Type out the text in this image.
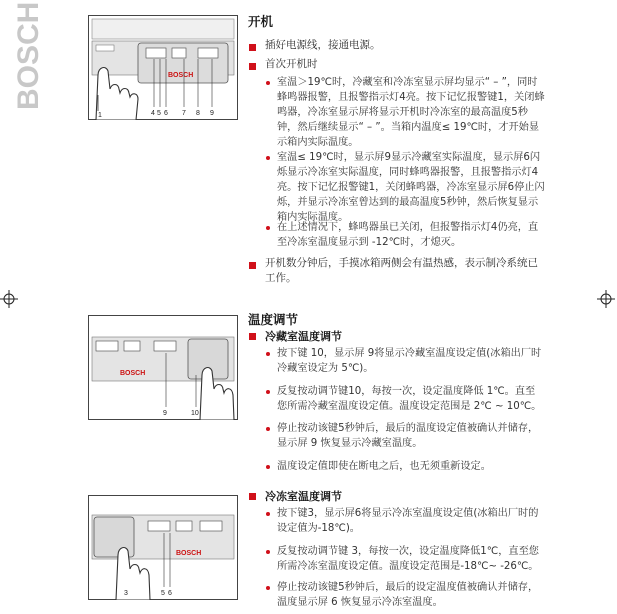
BOSCH	BOSCH
1	4 5 6 7 8 9
BOSCH
9	10
BOSCH
3	5 6
开机
插好电源线，接通电源。
首次开机时
室温＞19℃时，冷藏室和冷冻室显示屏均显示“ – ”，同时蜂鸣器报警，且报警指示灯4亮。按下记忆报警键1，关闭蜂鸣器，冷冻室显示屏将显示开机时冷冻室的最高温度5秒钟，然后继续显示“ – ”。当箱内温度≤ 19℃时，才开始显示箱内实际温度。
室温≤ 19℃时，显示屏9显示冷藏室实际温度，显示屏6闪烁显示冷冻室实际温度，同时蜂鸣器报警，且报警指示灯4亮。按下记忆报警键1，关闭蜂鸣器，冷冻室显示屏6停止闪烁，并显示冷冻室曾达到的最高温度5秒钟，然后恢复显示箱内实际温度。
在上述情况下，蜂鸣器虽已关闭，但报警指示灯4仍亮，直至冷冻室温度显示到 -12℃时，才熄灭。
开机数分钟后，手摸冰箱两侧会有温热感，表示制冷系统已工作。
温度调节
冷藏室温度调节
按下键 10，显示屏 9将显示冷藏室温度设定值(冰箱出厂时冷藏室设定为 5℃)。
反复按动调节键10，每按一次，设定温度降低 1℃。直至您所需冷藏室温度设定值。温度设定范围是 2℃ ~ 10℃。
停止按动该键5秒钟后，最后的温度设定值被确认并储存，显示屏 9 恢复显示冷藏室温度。
温度设定值即使在断电之后，也无须重新设定。
冷冻室温度调节
按下键3，显示屏6将显示冷冻室温度设定值(冰箱出厂时的设定值为-18℃)。
反复按动调节键 3，每按一次，设定温度降低1℃，直至您所需冷冻室温度设定值。温度设定范围是-18℃~ -26℃。
停止按动该键5秒钟后，最后的设定温度值被确认并储存，温度显示屏 6 恢复显示冷冻室温度。
